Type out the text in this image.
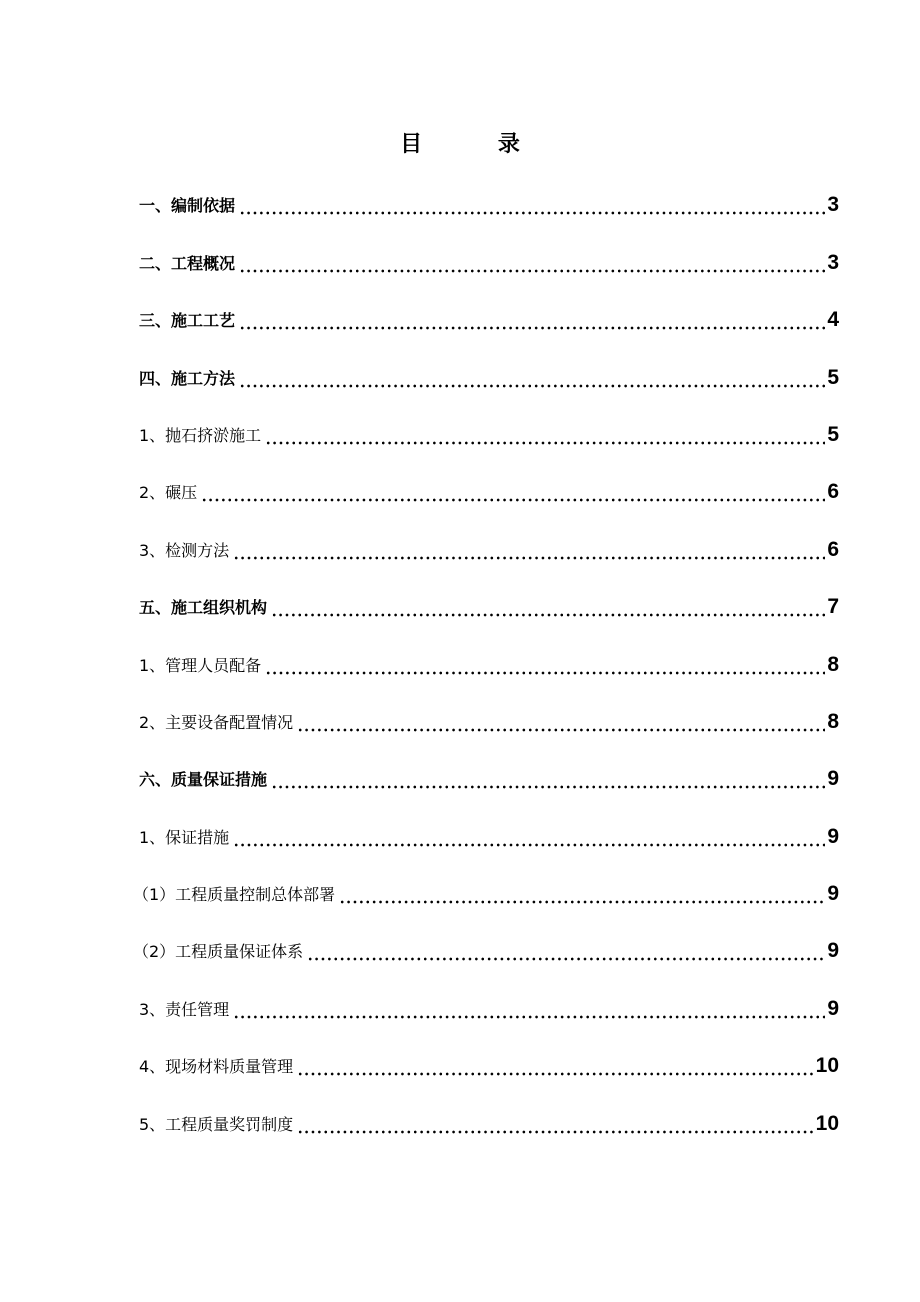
目 录
一、编制依据	3
二、工程概况	3
三、施工工艺	4
四、施工方法	5
1、抛石挤淤施工	5
2、碾压	6
3、检测方法	6
五、施工组织机构	7
1、管理人员配备	8
2、主要设备配置情况	8
六、质量保证措施	9
1、保证措施	9
（1）工程质量控制总体部署	9
（2）工程质量保证体系	9
3、责任管理	9
4、现场材料质量管理	10
5、工程质量奖罚制度	10
